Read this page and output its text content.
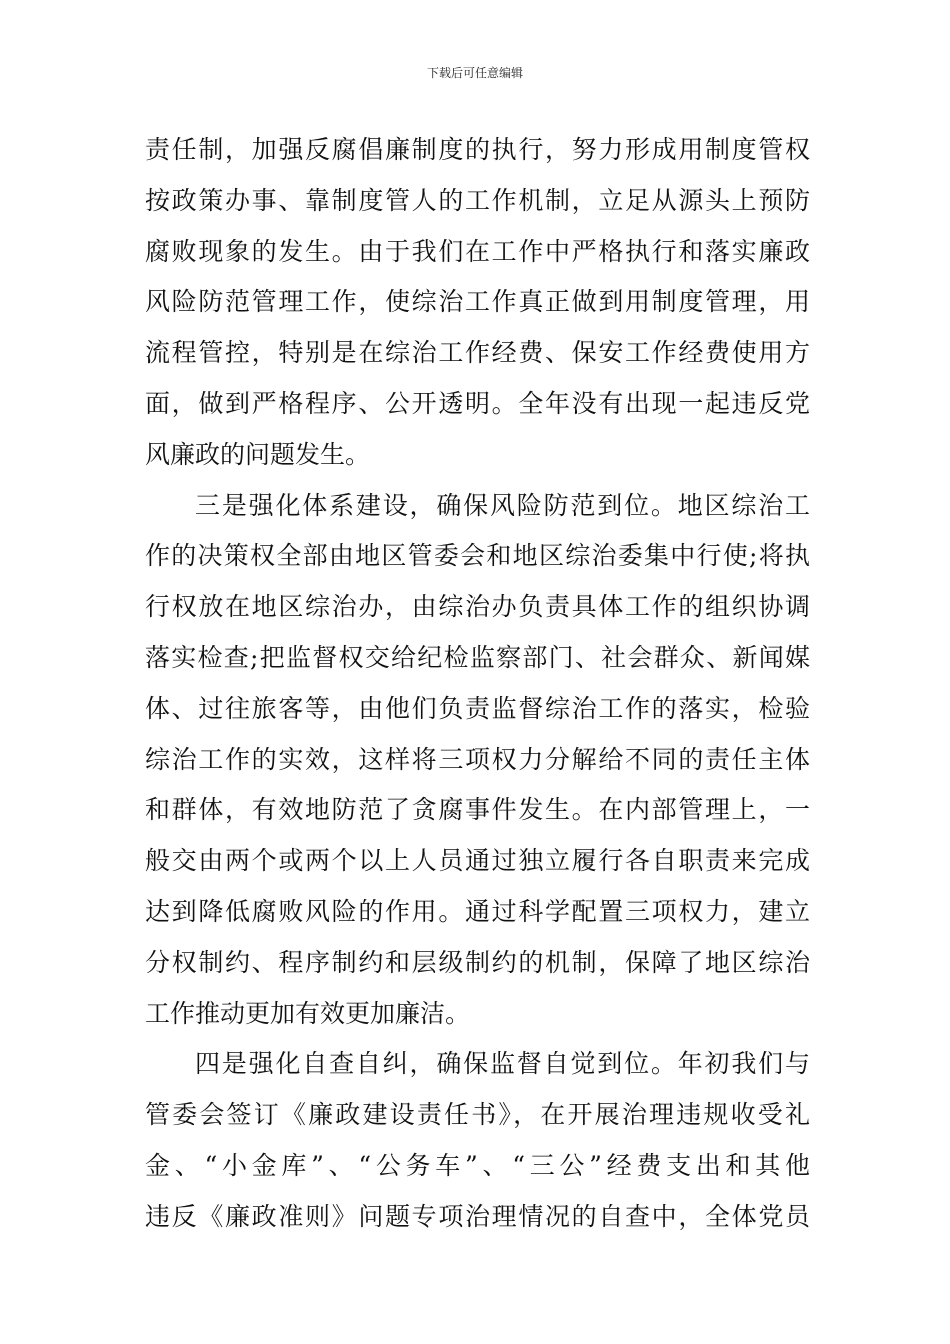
下载后可任意编辑
责任制，加强反腐倡廉制度的执行，努力形成用制度管权
按政策办事、靠制度管人的工作机制，立足从源头上预防
腐败现象的发生。由于我们在工作中严格执行和落实廉政
风险防范管理工作，使综治工作真正做到用制度管理，用
流程管控，特别是在综治工作经费、保安工作经费使用方
面，做到严格程序、公开透明。全年没有出现一起违反党
风廉政的问题发生。
三是强化体系建设，确保风险防范到位。地区综治工
作的决策权全部由地区管委会和地区综治委集中行使;将执
行权放在地区综治办，由综治办负责具体工作的组织协调
落实检查;把监督权交给纪检监察部门、社会群众、新闻媒
体、过往旅客等，由他们负责监督综治工作的落实，检验
综治工作的实效，这样将三项权力分解给不同的责任主体
和群体，有效地防范了贪腐事件发生。在内部管理上，一
般交由两个或两个以上人员通过独立履行各自职责来完成
达到降低腐败风险的作用。通过科学配置三项权力，建立
分权制约、程序制约和层级制约的机制，保障了地区综治
工作推动更加有效更加廉洁。
四是强化自查自纠，确保监督自觉到位。年初我们与
管委会签订《廉政建设责任书》，在开展治理违规收受礼
金、“小金库”、“公务车”、“三公”经费支出和其他
违反《廉政准则》问题专项治理情况的自查中，全体党员
